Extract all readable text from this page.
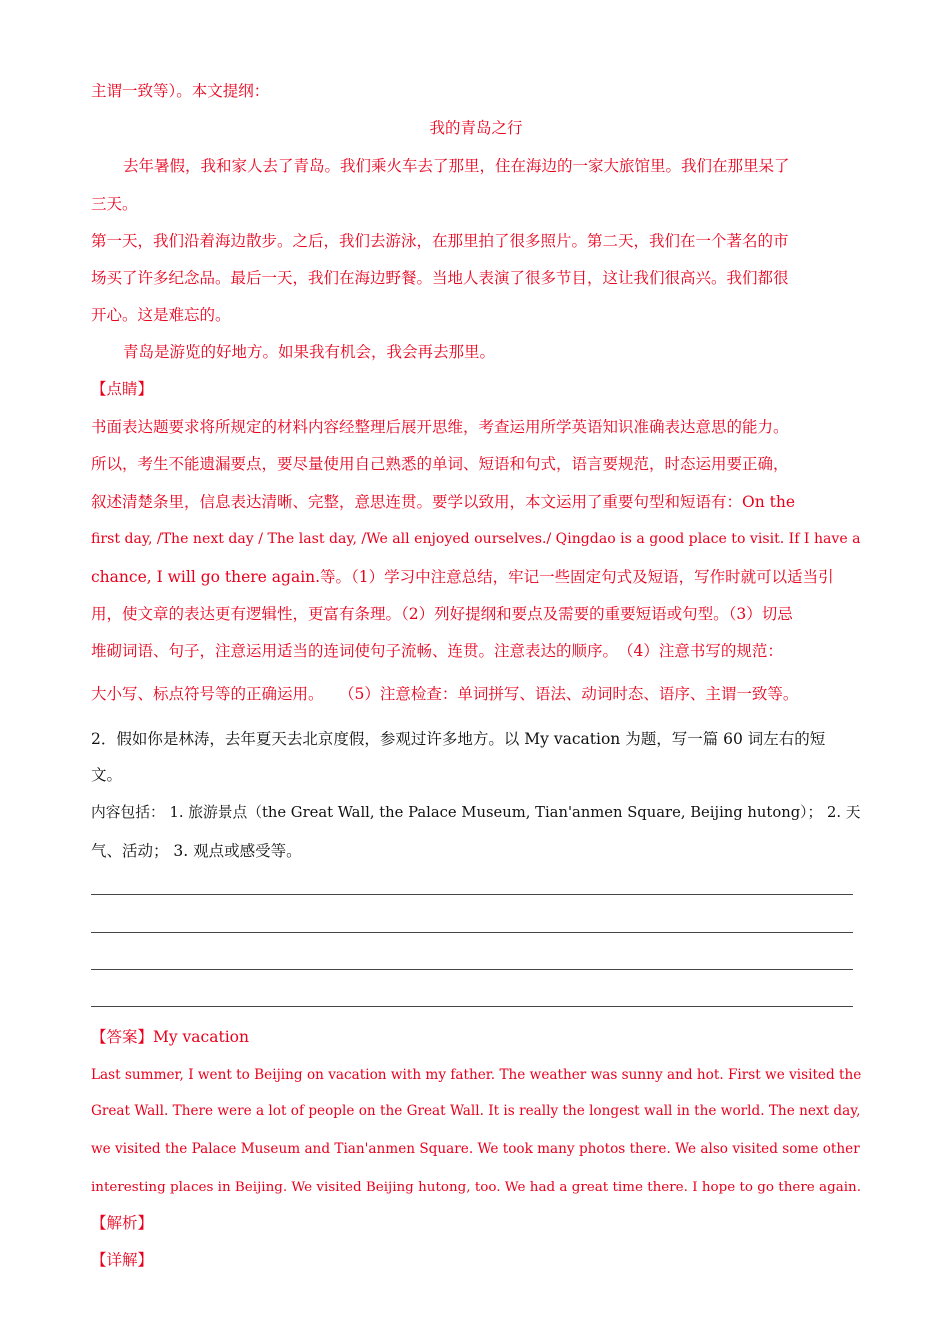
主谓一致等）。本文提纲：
我的青岛之行
去年暑假，我和家人去了青岛。我们乘火车去了那里，住在海边的一家大旅馆里。我们在那里呆了
三天。
第一天，我们沿着海边散步。之后，我们去游泳，在那里拍了很多照片。第二天，我们在一个著名的市
场买了许多纪念品。最后一天，我们在海边野餐。当地人表演了很多节目，这让我们很高兴。我们都很
开心。这是难忘的。
青岛是游览的好地方。如果我有机会，我会再去那里。
【点睛】
书面表达题要求将所规定的材料内容经整理后展开思维，考查运用所学英语知识准确表达意思的能力。
所以，考生不能遗漏要点，要尽量使用自己熟悉的单词、短语和句式，语言要规范，时态运用要正确，
叙述清楚条里，信息表达清晰、完整，意思连贯。要学以致用，本文运用了重要句型和短语有：On the
first day, /The next day / The last day, /We all enjoyed ourselves./ Qingdao is a good place to visit. If I have a
chance, I will go there again.等。（1）学习中注意总结，牢记一些固定句式及短语，写作时就可以适当引
用，使文章的表达更有逻辑性，更富有条理。（2）列好提纲和要点及需要的重要短语或句型。（3）切忌
堆砌词语、句子，注意运用适当的连词使句子流畅、连贯。注意表达的顺序。　（4）注意书写的规范：
大小写、标点符号等的正确运用。　　（5）注意检查：单词拼写、语法、动词时态、语序、主谓一致等。
2．假如你是林涛，去年夏天去北京度假，参观过许多地方。以 My vacation 为题，写一篇 60 词左右的短
文。
内容包括： 1. 旅游景点（the Great Wall, the Palace Museum, Tian'anmen Square, Beijing hutong）； 2. 天
气、活动； 3. 观点或感受等。
【答案】My vacation
Last summer, I went to Beijing on vacation with my father. The weather was sunny and hot. First we visited the
Great Wall. There were a lot of people on the Great Wall. It is really the longest wall in the world. The next day,
we visited the Palace Museum and Tian'anmen Square. We took many photos there. We also visited some other
interesting places in Beijing. We visited Beijing hutong, too. We had a great time there. I hope to go there again.
【解析】
【详解】
